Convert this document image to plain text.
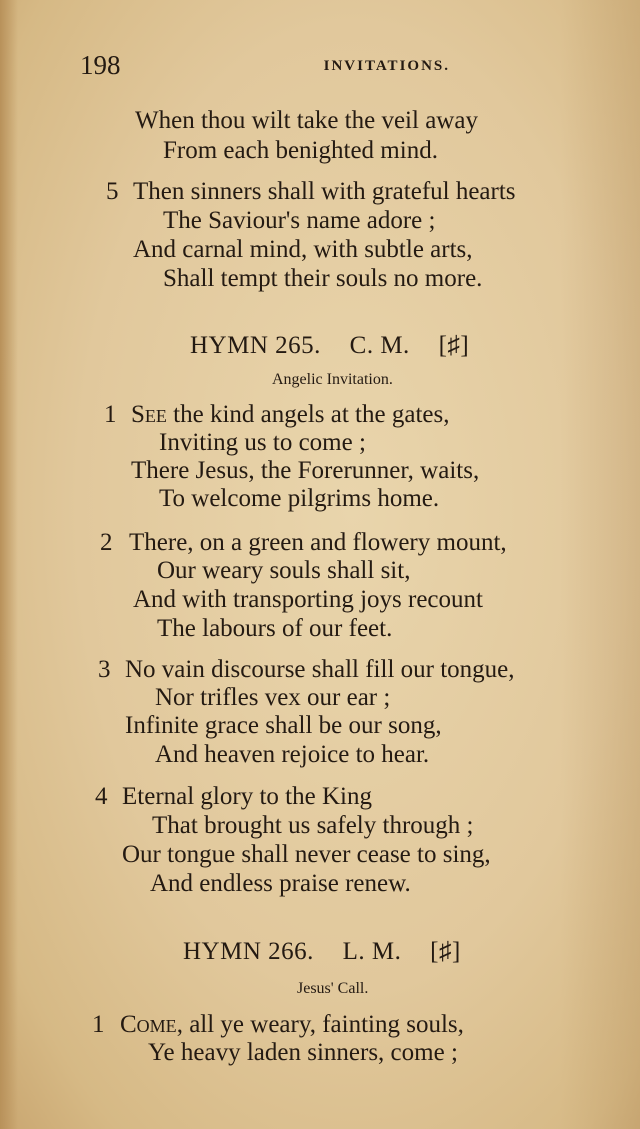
198	INVITATIONS.
When thou wilt take the veil away
From each benighted mind.
5 Then sinners shall with grateful hearts
The Saviour's name adore ;
And carnal mind, with subtle arts,
Shall tempt their souls no more.
HYMN 265. C. M. [♯]
Angelic Invitation.
1 See the kind angels at the gates,
Inviting us to come ;
There Jesus, the Forerunner, waits,
To welcome pilgrims home.
2 There, on a green and flowery mount,
Our weary souls shall sit,
And with transporting joys recount
The labours of our feet.
3 No vain discourse shall fill our tongue,
Nor trifles vex our ear ;
Infinite grace shall be our song,
And heaven rejoice to hear.
4 Eternal glory to the King
That brought us safely through ;
Our tongue shall never cease to sing,
And endless praise renew.
HYMN 266. L. M. [♯]
Jesus' Call.
1 Come, all ye weary, fainting souls,
Ye heavy laden sinners, come ;
